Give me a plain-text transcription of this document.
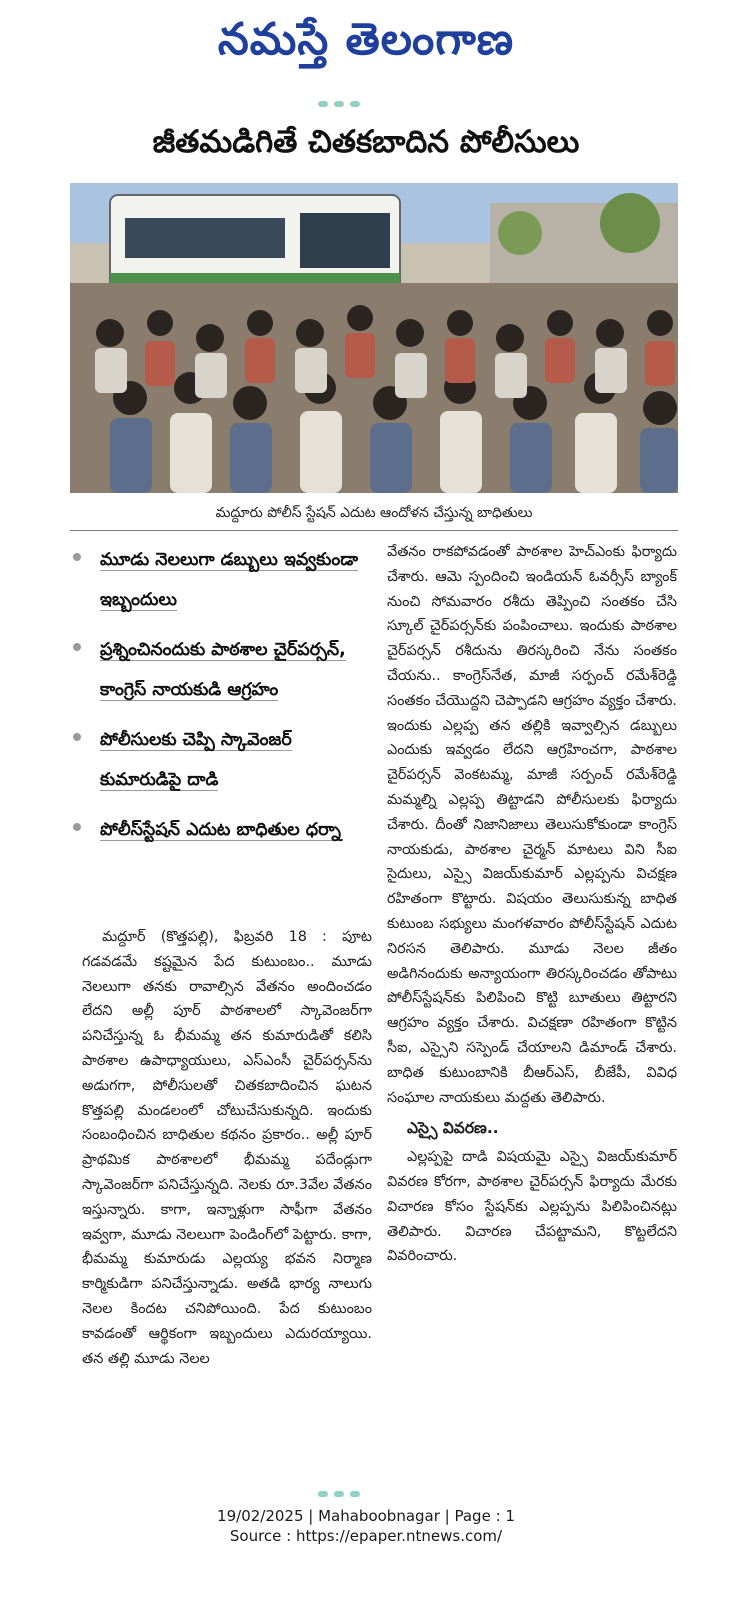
నమస్తే తెలంగాణ
జీతమడిగితే చితకబాదిన పోలీసులు
మద్దూరు పోలీస్ స్టేషన్ ఎదుట ఆందోళన చేస్తున్న బాధితులు
మూడు నెలలుగా డబ్బులు ఇవ్వకుండా ఇబ్బందులు
ప్రశ్నించినందుకు పాఠశాల చైర్‌పర్సన్, కాంగ్రెస్ నాయకుడి ఆగ్రహం
పోలీసులకు చెప్పి స్కావెంజర్ కుమారుడిపై దాడి
పోలీస్‌స్టేషన్ ఎదుట బాధితుల ధర్నా

మద్దూర్ (కొత్తపల్లి), ఫిబ్రవరి 18 : పూట గడవడమే కష్టమైన పేద కుటుంబం.. మూడు నెలలుగా తనకు రావాల్సిన వేతనం అందించడం లేదని అల్లీ పూర్ పాఠశాలలో స్కావెంజర్‌గా పనిచేస్తున్న ఓ భీమమ్మ తన కుమారుడితో కలిసి పాఠశాల ఉపాధ్యాయులు, ఎస్‌ఎంసీ చైర్‌పర్సన్‌ను అడుగగా, పోలీసులతో చితకబాదించిన ఘటన కొత్తపల్లి మండలంలో చోటుచేసుకున్నది. ఇందుకు సంబంధించిన బాధితుల కథనం ప్రకారం.. అల్లీ పూర్ ప్రాథమిక పాఠశాలలో భీమమ్మ పదేండ్లుగా స్కావెంజర్‌గా పనిచేస్తున్నది. నెలకు రూ.3వేల వేతనం ఇస్తున్నారు. కాగా, ఇన్నాళ్లుగా సాఫీగా వేతనం ఇవ్వగా, మూడు నెలలుగా పెండింగ్‌లో పెట్టారు. కాగా, భీమమ్మ కుమారుడు ఎల్లయ్య భవన నిర్మాణ కార్మికుడిగా పనిచేస్తున్నాడు. అతడి భార్య నాలుగు నెలల కిందట చనిపోయింది. పేద కుటుంబం కావడంతో ఆర్థికంగా ఇబ్బందులు ఎదురయ్యాయి. తన తల్లి మూడు నెలల

వేతనం రాకపోవడంతో పాఠశాల హెచ్‌ఎంకు ఫిర్యాదు చేశారు. ఆమె స్పందించి ఇండియన్ ఓవర్సీస్ బ్యాంక్ నుంచి సోమవారం రశీదు తెప్పించి సంతకం చేసి స్కూల్ చైర్‌పర్సన్‌కు పంపించాలు. ఇందుకు పాఠశాల చైర్‌పర్సన్ రశీదును తిరస్కరించి నేను సంతకం చేయను.. కాంగ్రెస్‌నేత, మాజీ సర్పంచ్ రమేశ్‌రెడ్డి సంతకం చేయొద్దని చెప్పాడని ఆగ్రహం వ్యక్తం చేశారు. ఇందుకు ఎల్లప్ప తన తల్లికి ఇవ్వాల్సిన డబ్బులు ఎందుకు ఇవ్వడం లేదని ఆగ్రహించగా, పాఠశాల చైర్‌పర్సన్ వెంకటమ్మ, మాజీ సర్పంచ్ రమేశ్‌రెడ్డి మమ్మల్ని ఎల్లప్ప తిట్టాడని పోలీసులకు ఫిర్యాదు చేశారు. దీంతో నిజానిజాలు తెలుసుకోకుండా కాంగ్రెస్ నాయకుడు, పాఠశాల చైర్మన్ మాటలు విని సీఐ సైదులు, ఎస్సై విజయ్‌కుమార్ ఎల్లప్పను విచక్షణ రహితంగా కొట్టారు. విషయం తెలుసుకున్న బాధిత కుటుంబ సభ్యులు మంగళవారం పోలీస్‌స్టేషన్ ఎదుట నిరసన తెలిపారు. మూడు నెలల జీతం అడిగినందుకు అన్యాయంగా తిరస్కరించడం తోపాటు పోలీస్‌స్టేషన్‌కు పిలిపించి కొట్టి బూతులు తిట్టారని ఆగ్రహం వ్యక్తం చేశారు. విచక్షణా రహితంగా కొట్టిన సీఐ, ఎస్సైని సస్పెండ్ చేయాలని డిమాండ్ చేశారు. బాధిత కుటుంబానికి బీఆర్‌ఎస్, బీజేపీ, వివిధ సంఘాల నాయకులు మద్దతు తెలిపారు.

ఎస్సై వివరణ..

ఎల్లప్పపై దాడి విషయమై ఎస్సై విజయ్‌కుమార్ వివరణ కోరగా, పాఠశాల చైర్‌పర్సన్ ఫిర్యాదు మేరకు విచారణ కోసం స్టేషన్‌కు ఎల్లప్పను పిలిపించినట్లు తెలిపారు. విచారణ చేపట్టామని, కొట్టలేదని వివరించారు.

19/02/2025 | Mahaboobnagar | Page : 1
Source : https://epaper.ntnews.com/
